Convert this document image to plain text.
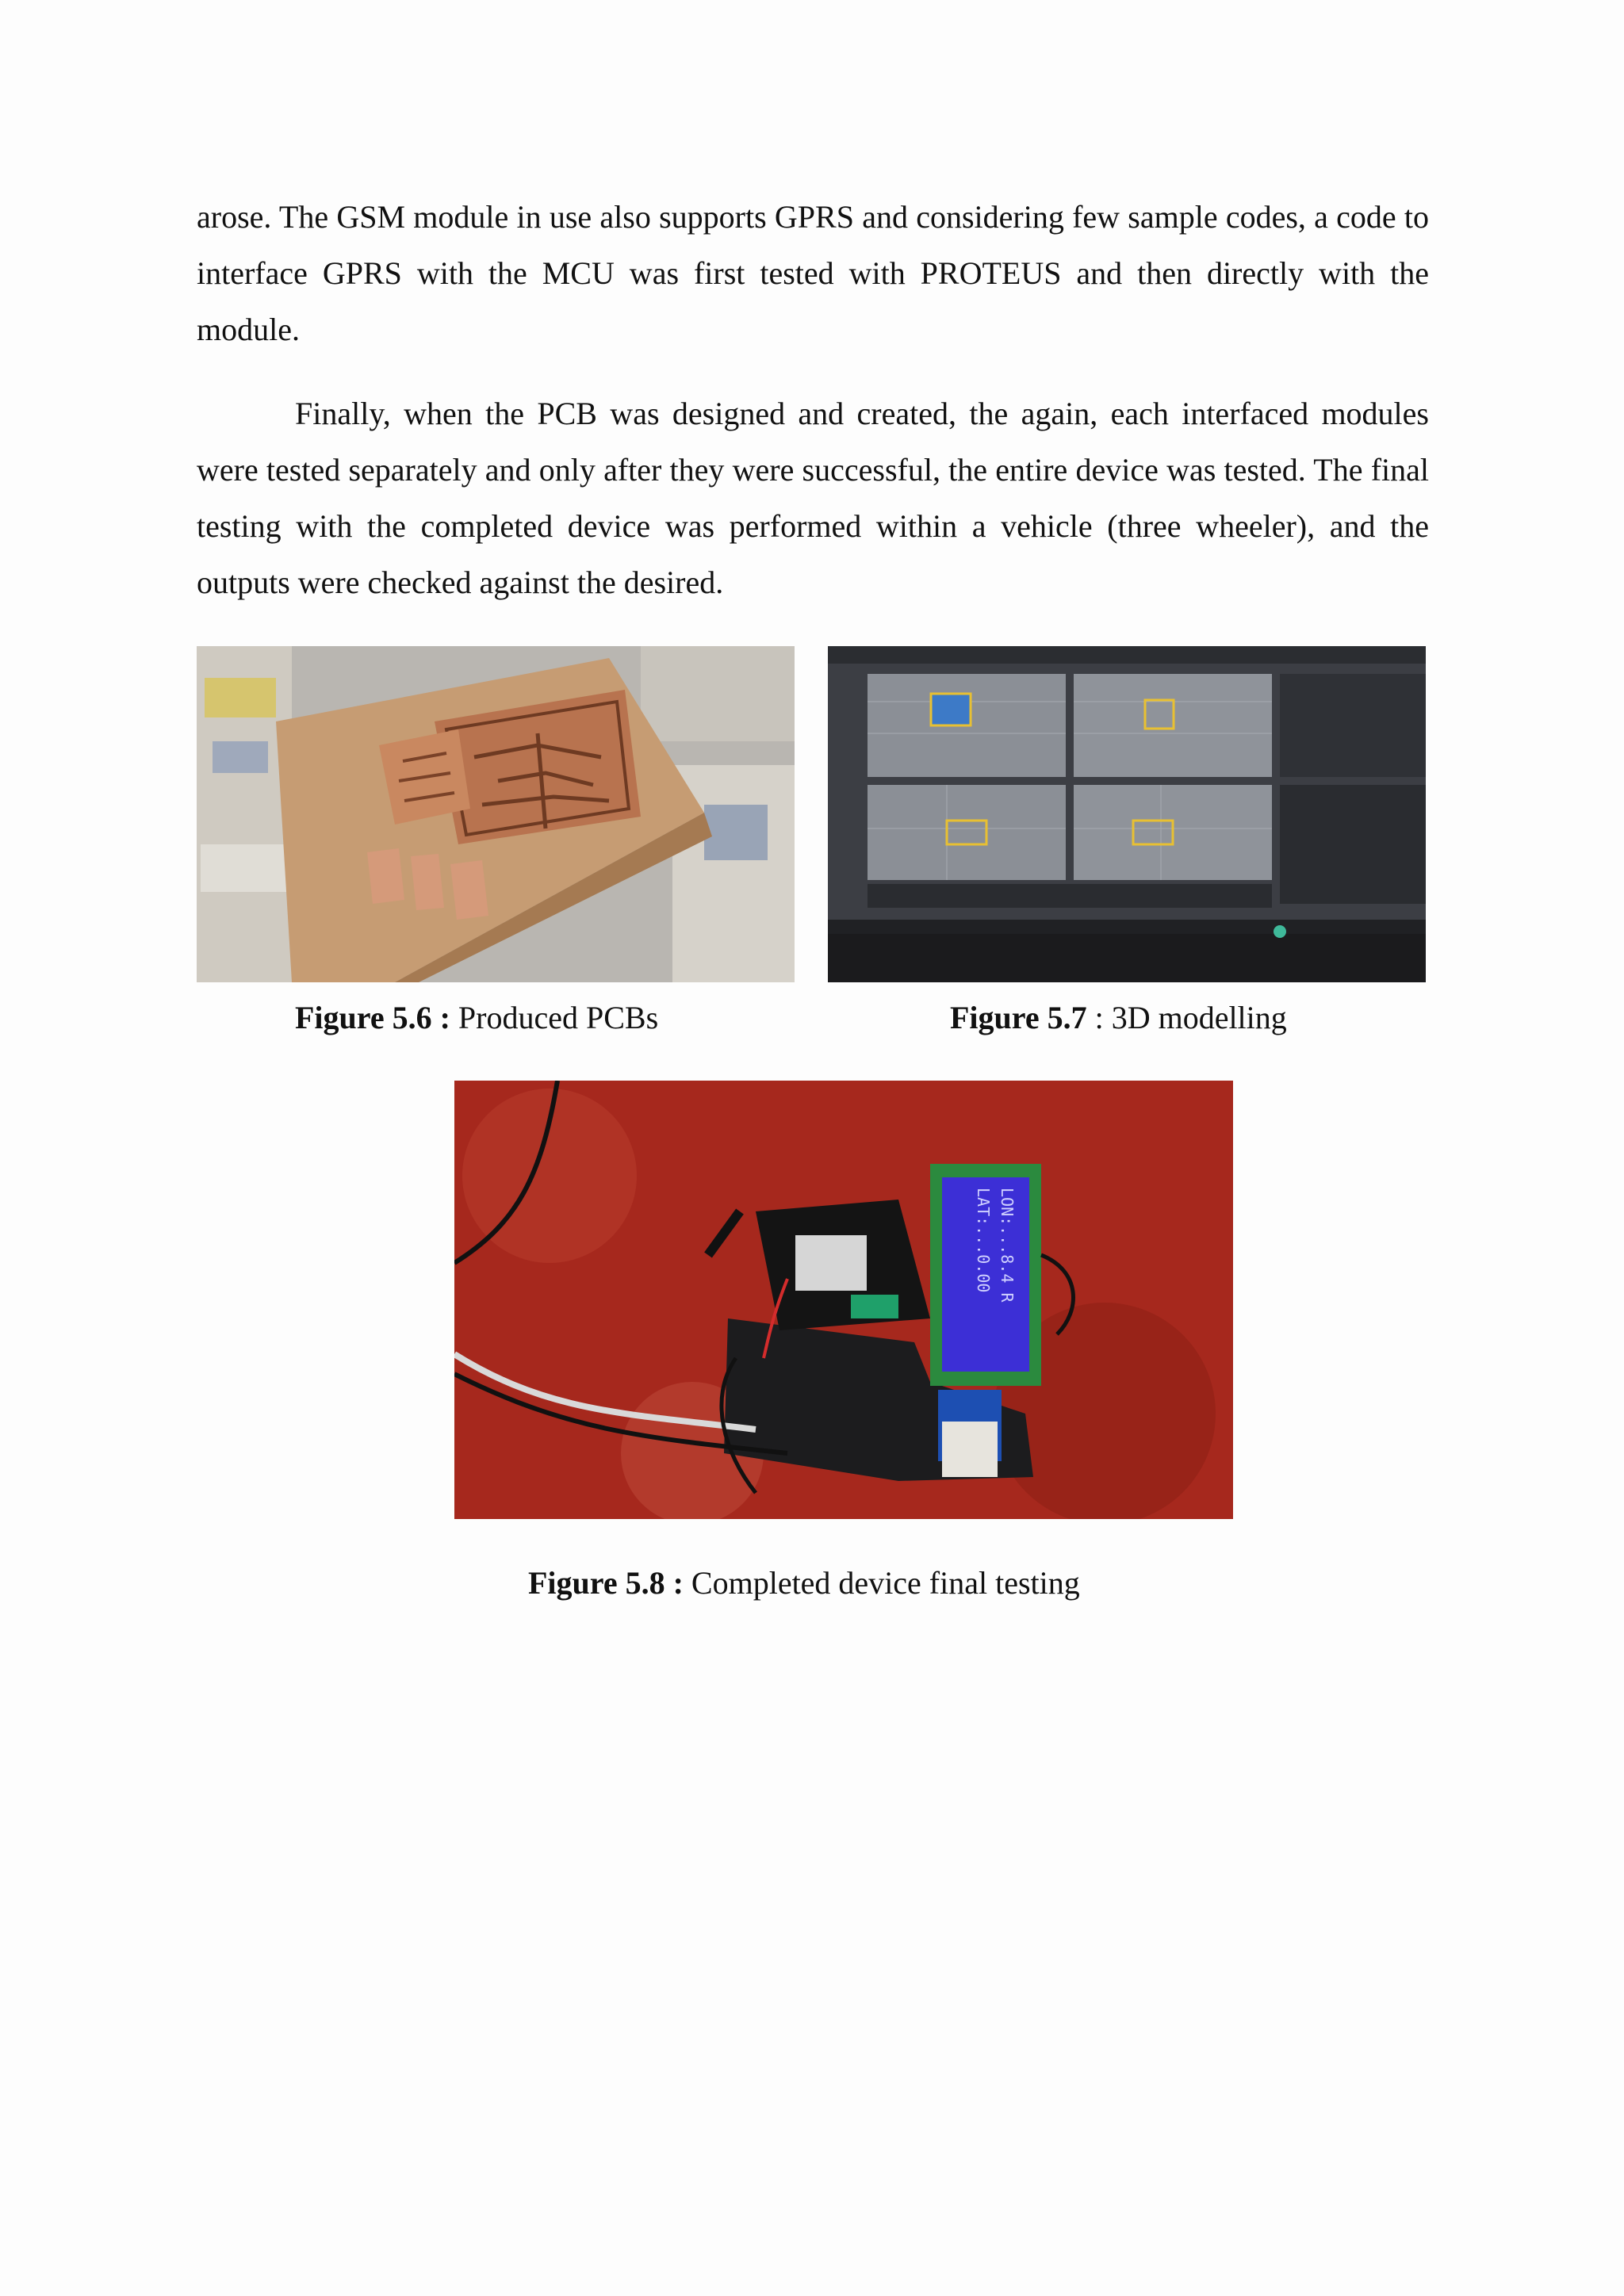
arose. The GSM module in use also supports GPRS and considering few sample codes, a code to interface GPRS with the MCU was first tested with PROTEUS and then directly with the module.

Finally, when the PCB was designed and created, the again, each interfaced modules were tested separately and only after they were successful, the entire device was tested. The final testing with the completed device was performed within a vehicle (three wheeler), and the outputs were checked against the desired.

Figure 5.6 : Produced PCBs	Figure 5.7 : 3D modelling

LAT:...0.00 LON:...8.4 R

Figure 5.8 : Completed device final testing
